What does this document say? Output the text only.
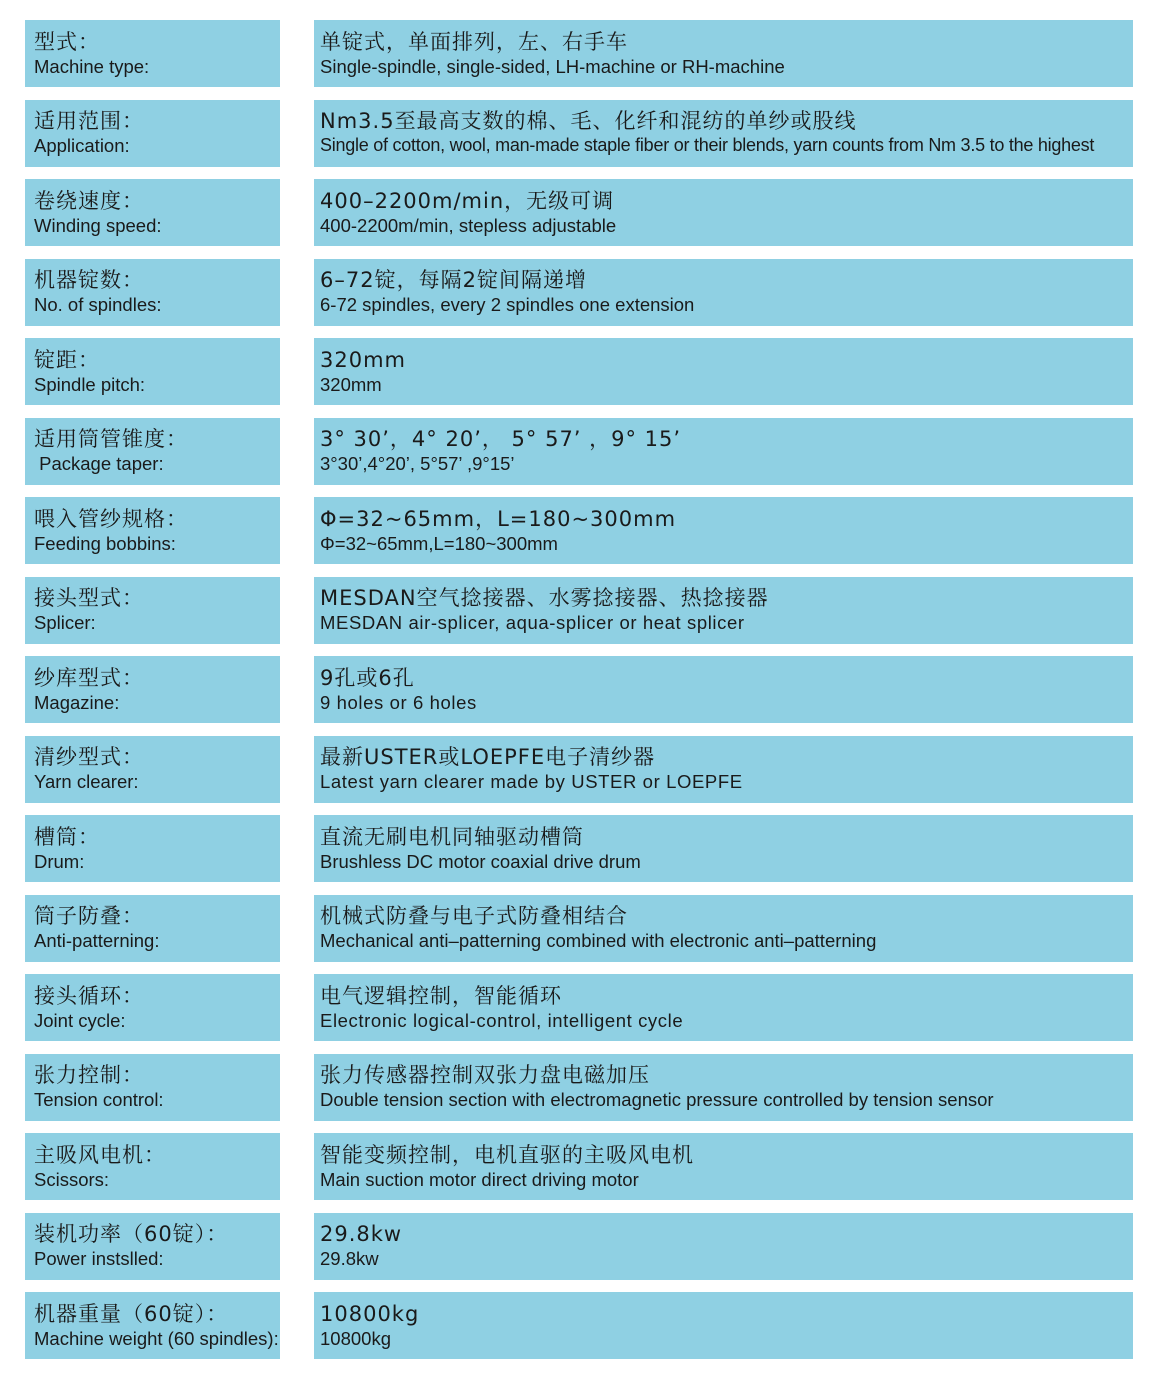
型式：
Machine type:
单锭式，单面排列，左、右手车
Single-spindle, single-sided, LH-machine or RH-machine
适用范围：
Application:
Nm3.5至最高支数的棉、毛、化纤和混纺的单纱或股线
Single of cotton, wool, man-made staple fiber or their blends, yarn counts from Nm 3.5 to the highest
卷绕速度：
Winding speed:
400–2200m/min，无级可调
400-2200m/min, stepless adjustable
机器锭数：
No. of spindles:
6–72锭，每隔2锭间隔递增
6-72 spindles, every 2 spindles one extension
锭距：
Spindle pitch:
320mm
320mm
适用筒管锥度：
Package taper:
3° 30’，4° 20’， 5° 57’ ，9° 15’
3°30’,4°20’, 5°57’ ,9°15’
喂入管纱规格：
Feeding bobbins:
Φ=32~65mm，L=180~300mm
Φ=32~65mm,L=180~300mm
接头型式：
Splicer:
MESDAN空气捻接器、水雾捻接器、热捻接器
MESDAN air-splicer, aqua-splicer or heat splicer
纱库型式：
Magazine:
9孔或6孔
9 holes or 6 holes
清纱型式：
Yarn clearer:
最新USTER或LOEPFE电子清纱器
Latest yarn clearer made by USTER or LOEPFE
槽筒：
Drum:
直流无刷电机同轴驱动槽筒
Brushless DC motor coaxial drive drum
筒子防叠：
Anti-patterning:
机械式防叠与电子式防叠相结合
Mechanical anti–patterning combined with electronic anti–patterning
接头循环：
Joint cycle:
电气逻辑控制，智能循环
Electronic logical-control, intelligent cycle
张力控制：
Tension control:
张力传感器控制双张力盘电磁加压
Double tension section with electromagnetic pressure controlled by tension sensor
主吸风电机：
Scissors:
智能变频控制，电机直驱的主吸风电机
Main suction motor direct driving motor
装机功率（60锭）：
Power instslled:
29.8kw
29.8kw
机器重量（60锭）：
Machine weight (60 spindles):
10800kg
10800kg
